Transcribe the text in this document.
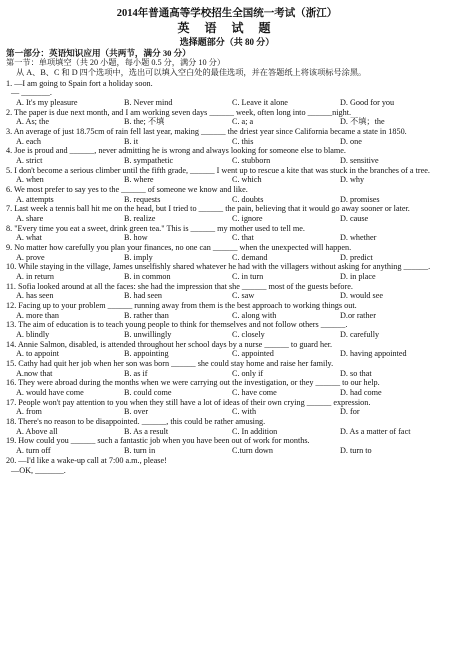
2014年普通高等学校招生全国统一考试（浙江）
英 语 试 题
选择题部分（共 80 分）
第一部分：英语知识应用（共两节，满分 30 分）
第一节：单项填空（共 20 小题，每小题 0.5 分，满分 10 分）
从 A、B、C 和 D 四个选项中，选出可以填入空白处的最佳选项，并在答题纸上将该项标号涂黑。
1. —I am going to Spain fort a holiday soon.
— _______.
A. It's my pleasure	B. Never mind	C. Leave it alone	D. Good for you
2. The paper is due next month, and I am working seven days ______ week, often long into ______night.
A. As; the	B. the; 不填	C. a; a	D. 不填；the
3. An average of just 18.75cm of rain fell last year, making ______ the driest year since California became a state in 1850.
A. each	B. it	C. this	D. one
4. Joe is proud and ______, never admitting he is wrong and always looking for someone else to blame.
A. strict	B. sympathetic	C. stubborn	D. sensitive
5. I don't become a serious climber until the fifth grade, ______ I went up to rescue a kite that was stuck in the branches of a tree.
A. when	B. where	C. which	D. why
6. We most prefer to say yes to the ______ of someone we know and like.
A. attempts	B. requests	C. doubts	D. promises
7. Last week a tennis ball hit me on the head, but I tried to ______ the pain, believing that it would go away sooner or later.
A. share	B. realize	C. ignore	D. cause
8. "Every time you eat a sweet, drink green tea." This is ______ my mother used to tell me.
A. what	B. how	C. that	D. whether
9. No matter how carefully you plan your finances, no one can ______ when the unexpected will happen.
A. prove	B. imply	C. demand	D. predict
10. While staying in the village, James unselfishly shared whatever he had with the villagers without asking for anything ______.
A. in return	B. in common	C. in turn	D. in place
11. Sofia looked around at all the faces: she had the impression that she ______ most of the guests before.
A. has seen	B. had seen	C. saw	D. would see
12. Facing up to your problem ______ running away from them is the best approach to working things out.
A. more than	B. rather than	C. along with	D.or rather
13. The aim of education is to teach young people to think for themselves and not follow others ______.
A. blindly	B. unwillingly	C. closely	D. carefully
14. Annie Salmon, disabled, is attended throughout her school days by a nurse ______ to guard her.
A. to appoint	B. appointing	C. appointed	D. having appointed
15. Cathy had quit her job when her son was born ______ she could stay home and raise her family.
A.now that	B. as if	C. only if	D. so that
16. They were abroad during the months when we were carrying out the investigation, or they ______ to our help.
A. would have come	B. could come	C. have come	D. had come
17. People won't pay attention to you when they still have a lot of ideas of their own crying ______ expression.
A. from	B. over	C. with	D. for
18. There's no reason to be disappointed. ______, this could be rather amusing.
A. Above all	B. As a result	C. In addition	D. As a matter of fact
19. How could you ______ such a fantastic job when you have been out of work for months.
A. turn off	B. turn in	C.turn down	D. turn to
20. —I'd like a wake-up call at 7:00 a.m., please!
—OK, _______.
